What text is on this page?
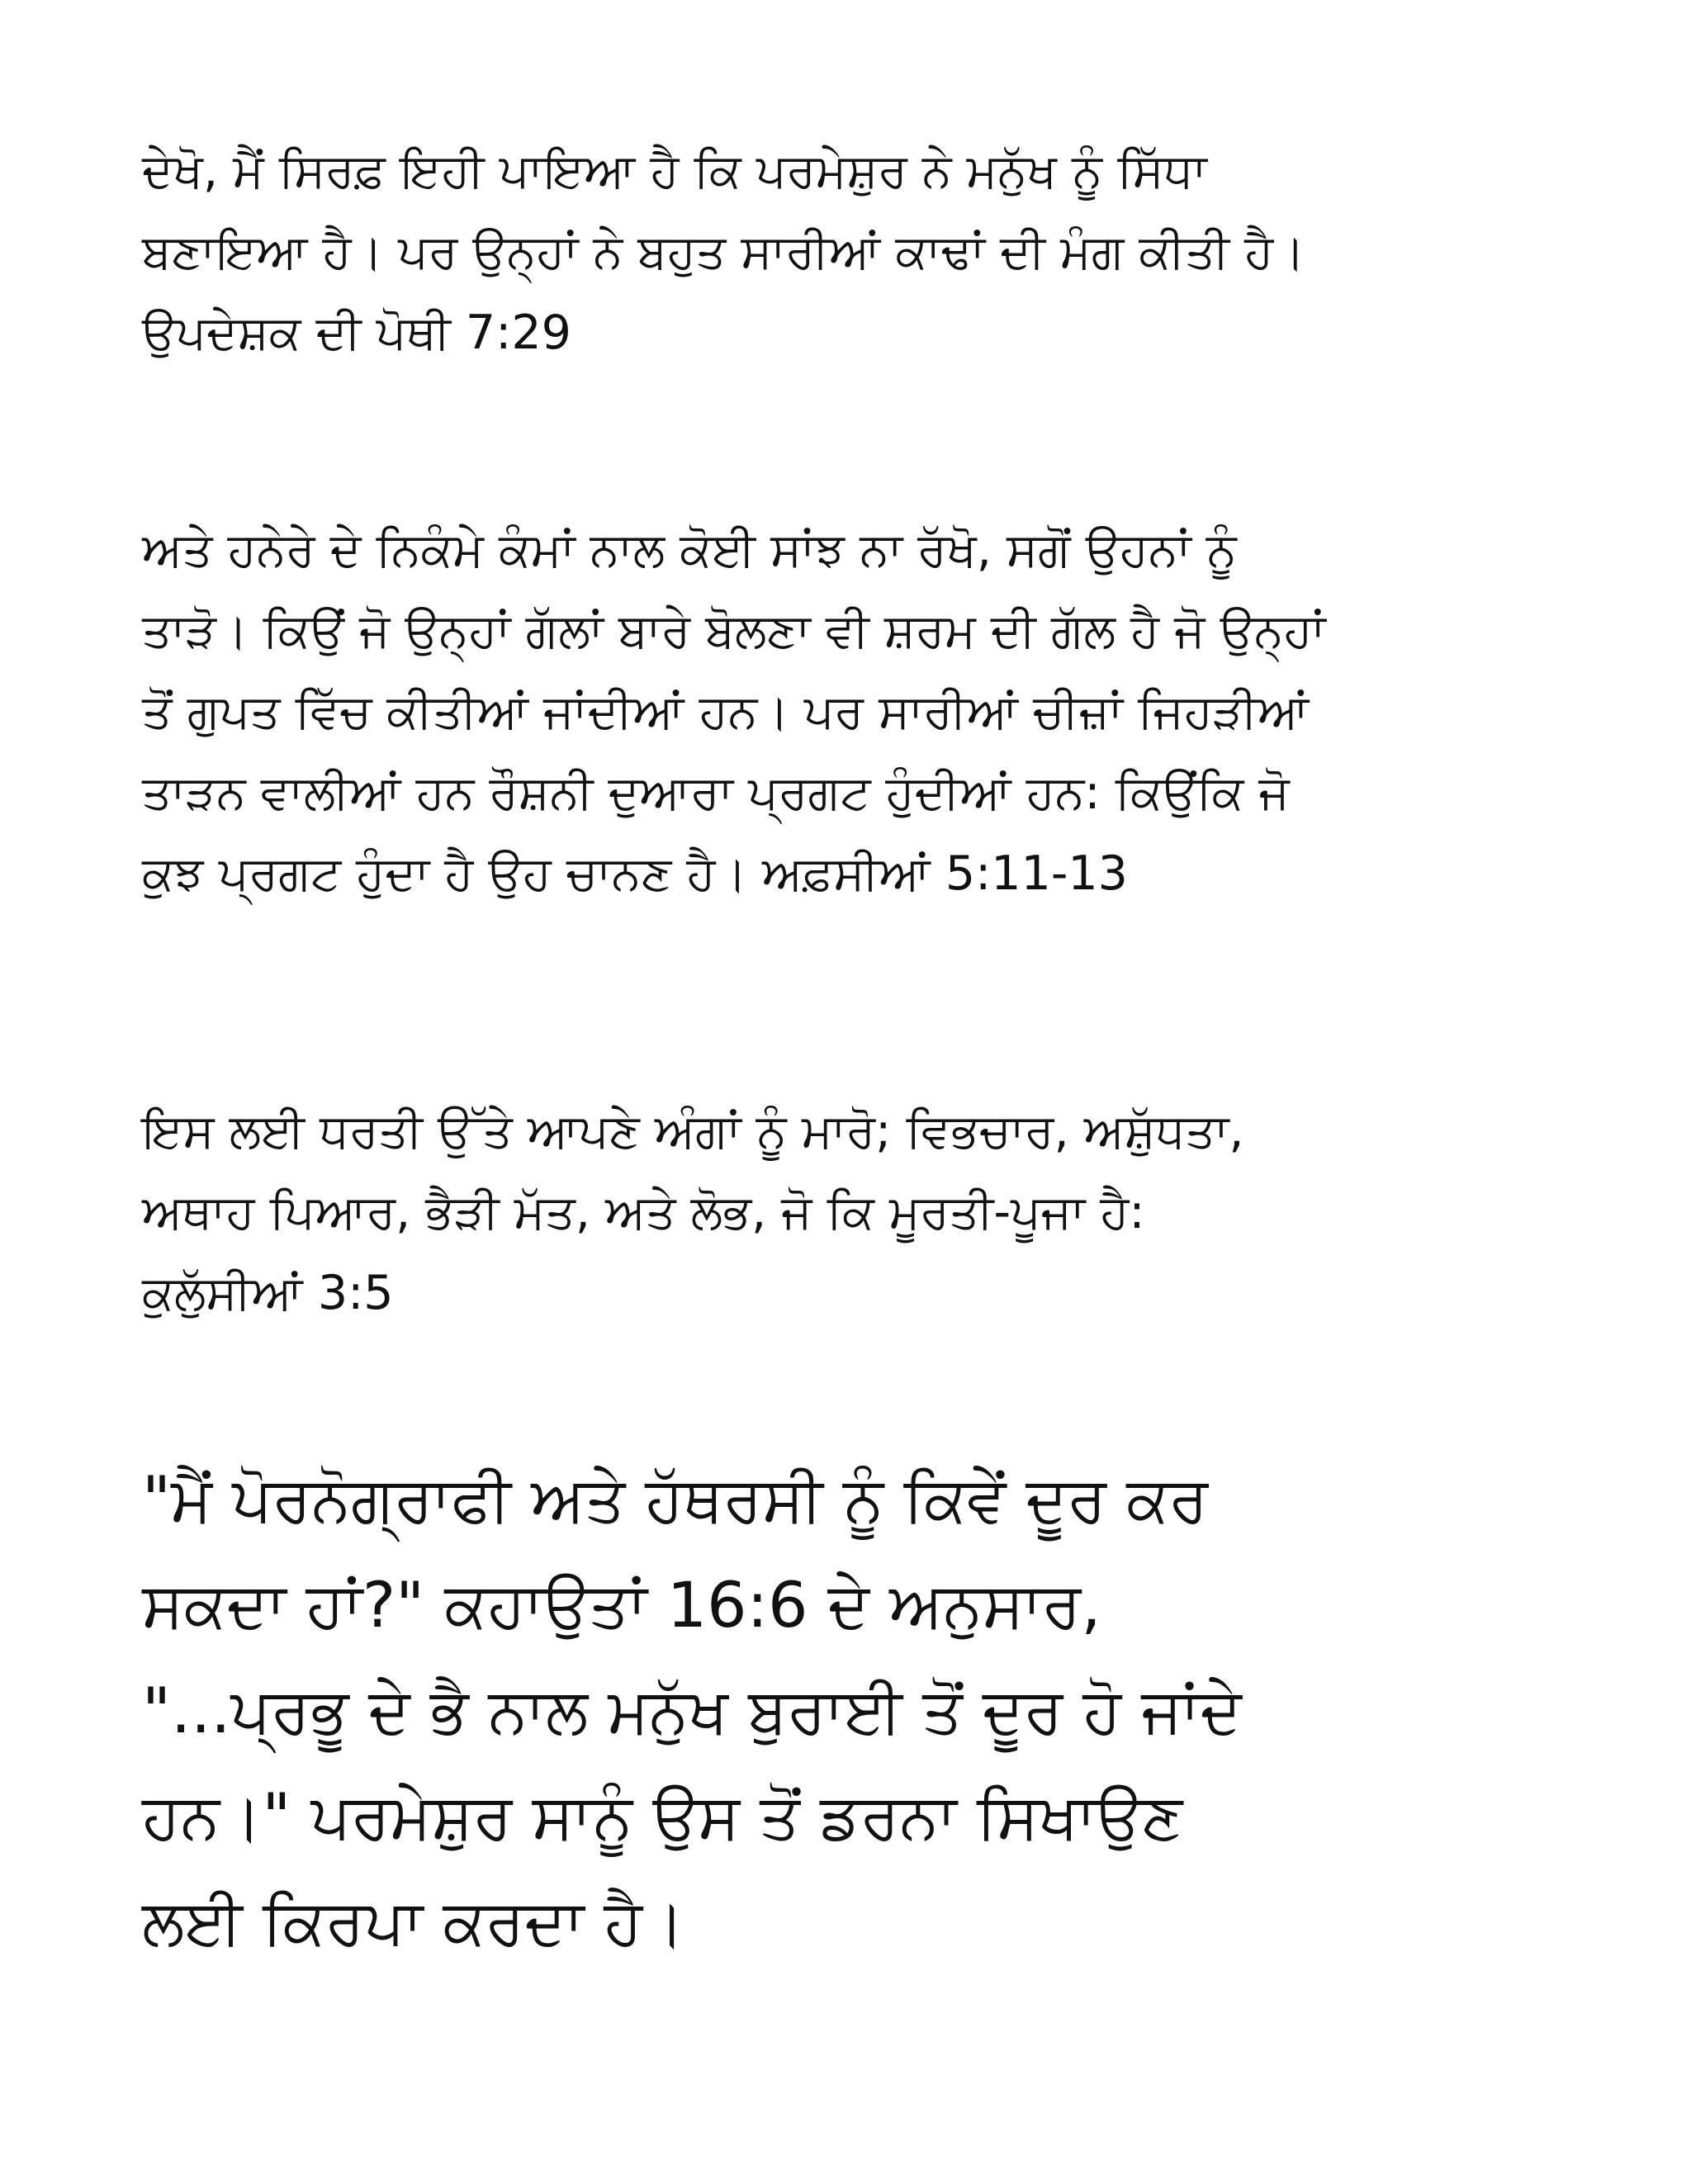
ਦੇਖੋ, ਮੈਂ ਸਿਰਫ਼ ਇਹੀ ਪਾਇਆ ਹੈ ਕਿ ਪਰਮੇਸ਼ੁਰ ਨੇ ਮਨੁੱਖ ਨੂੰ ਸਿੱਧਾ
ਬਣਾਇਆ ਹੈ। ਪਰ ਉਨ੍ਹਾਂ ਨੇ ਬਹੁਤ ਸਾਰੀਆਂ ਕਾਢਾਂ ਦੀ ਮੰਗ ਕੀਤੀ ਹੈ।
ਉਪਦੇਸ਼ਕ ਦੀ ਪੋਥੀ 7:29
ਅਤੇ ਹਨੇਰੇ ਦੇ ਨਿਕੰਮੇ ਕੰਮਾਂ ਨਾਲ ਕੋਈ ਸਾਂਝ ਨਾ ਰੱਖੋ, ਸਗੋਂ ਉਹਨਾਂ ਨੂੰ
ਤਾੜੋ। ਕਿਉਂ ਜੋ ਉਨ੍ਹਾਂ ਗੱਲਾਂ ਬਾਰੇ ਬੋਲਣਾ ਵੀ ਸ਼ਰਮ ਦੀ ਗੱਲ ਹੈ ਜੋ ਉਨ੍ਹਾਂ
ਤੋਂ ਗੁਪਤ ਵਿੱਚ ਕੀਤੀਆਂ ਜਾਂਦੀਆਂ ਹਨ। ਪਰ ਸਾਰੀਆਂ ਚੀਜ਼ਾਂ ਜਿਹੜੀਆਂ
ਤਾੜਨ ਵਾਲੀਆਂ ਹਨ ਰੌਸ਼ਨੀ ਦੁਆਰਾ ਪ੍ਰਗਟ ਹੁੰਦੀਆਂ ਹਨ: ਕਿਉਂਕਿ ਜੋ
ਕੁਝ ਪ੍ਰਗਟ ਹੁੰਦਾ ਹੈ ਉਹ ਚਾਨਣ ਹੈ। ਅਫ਼ਸੀਆਂ 5:11-13
ਇਸ ਲਈ ਧਰਤੀ ਉੱਤੇ ਆਪਣੇ ਅੰਗਾਂ ਨੂੰ ਮਾਰੋ; ਵਿਭਚਾਰ, ਅਸ਼ੁੱਧਤਾ,
ਅਥਾਹ ਪਿਆਰ, ਭੈੜੀ ਮੱਤ, ਅਤੇ ਲੋਭ, ਜੋ ਕਿ ਮੂਰਤੀ-ਪੂਜਾ ਹੈ:
ਕੁਲੁੱਸੀਆਂ 3:5
"ਮੈਂ ਪੋਰਨੋਗ੍ਰਾਫੀ ਅਤੇ ਹੱਥਰਸੀ ਨੂੰ ਕਿਵੇਂ ਦੂਰ ਕਰ
ਸਕਦਾ ਹਾਂ?" ਕਹਾਉਤਾਂ 16:6 ਦੇ ਅਨੁਸਾਰ,
"...ਪ੍ਰਭੂ ਦੇ ਭੈ ਨਾਲ ਮਨੁੱਖ ਬੁਰਾਈ ਤੋਂ ਦੂਰ ਹੋ ਜਾਂਦੇ
ਹਨ।" ਪਰਮੇਸ਼ੁਰ ਸਾਨੂੰ ਉਸ ਤੋਂ ਡਰਨਾ ਸਿਖਾਉਣ
ਲਈ ਕਿਰਪਾ ਕਰਦਾ ਹੈ।
